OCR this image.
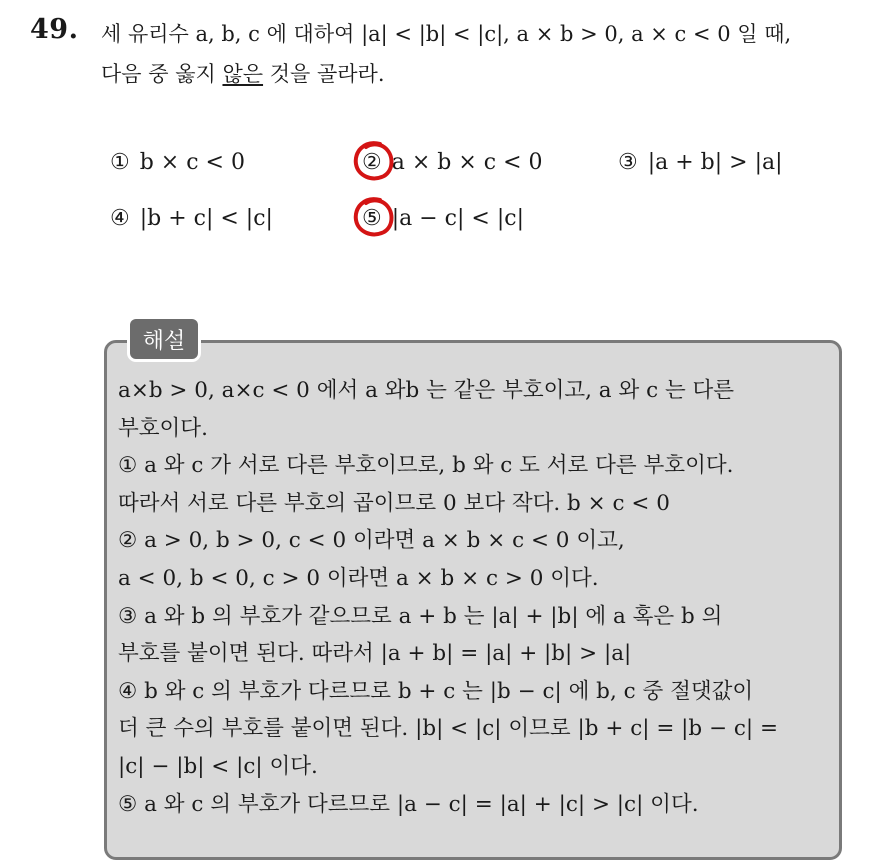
49. 세 유리수 a, b, c 에 대하여 |a| < |b| < |c|, a × b > 0, a × c < 0 일 때,
다음 중 옳지 않은 것을 골라라.
① b × c < 0	② a × b × c < 0	③ |a + b| > |a|
④ |b + c| < |c|	⑤ |a − c| < |c|
해설
a×b > 0, a×c < 0 에서 a 와b 는 같은 부호이고, a 와 c 는 다른
부호이다.
① a 와 c 가 서로 다른 부호이므로, b 와 c 도 서로 다른 부호이다.
따라서 서로 다른 부호의 곱이므로 0 보다 작다. b × c < 0
② a > 0, b > 0, c < 0 이라면 a × b × c < 0 이고,
a < 0, b < 0, c > 0 이라면 a × b × c > 0 이다.
③ a 와 b 의 부호가 같으므로 a + b 는 |a| + |b| 에 a 혹은 b 의
부호를 붙이면 된다. 따라서 |a + b| = |a| + |b| > |a|
④ b 와 c 의 부호가 다르므로 b + c 는 |b − c| 에 b, c 중 절댓값이
더 큰 수의 부호를 붙이면 된다. |b| < |c| 이므로 |b + c| = |b − c| =
|c| − |b| < |c| 이다.
⑤ a 와 c 의 부호가 다르므로 |a − c| = |a| + |c| > |c| 이다.
